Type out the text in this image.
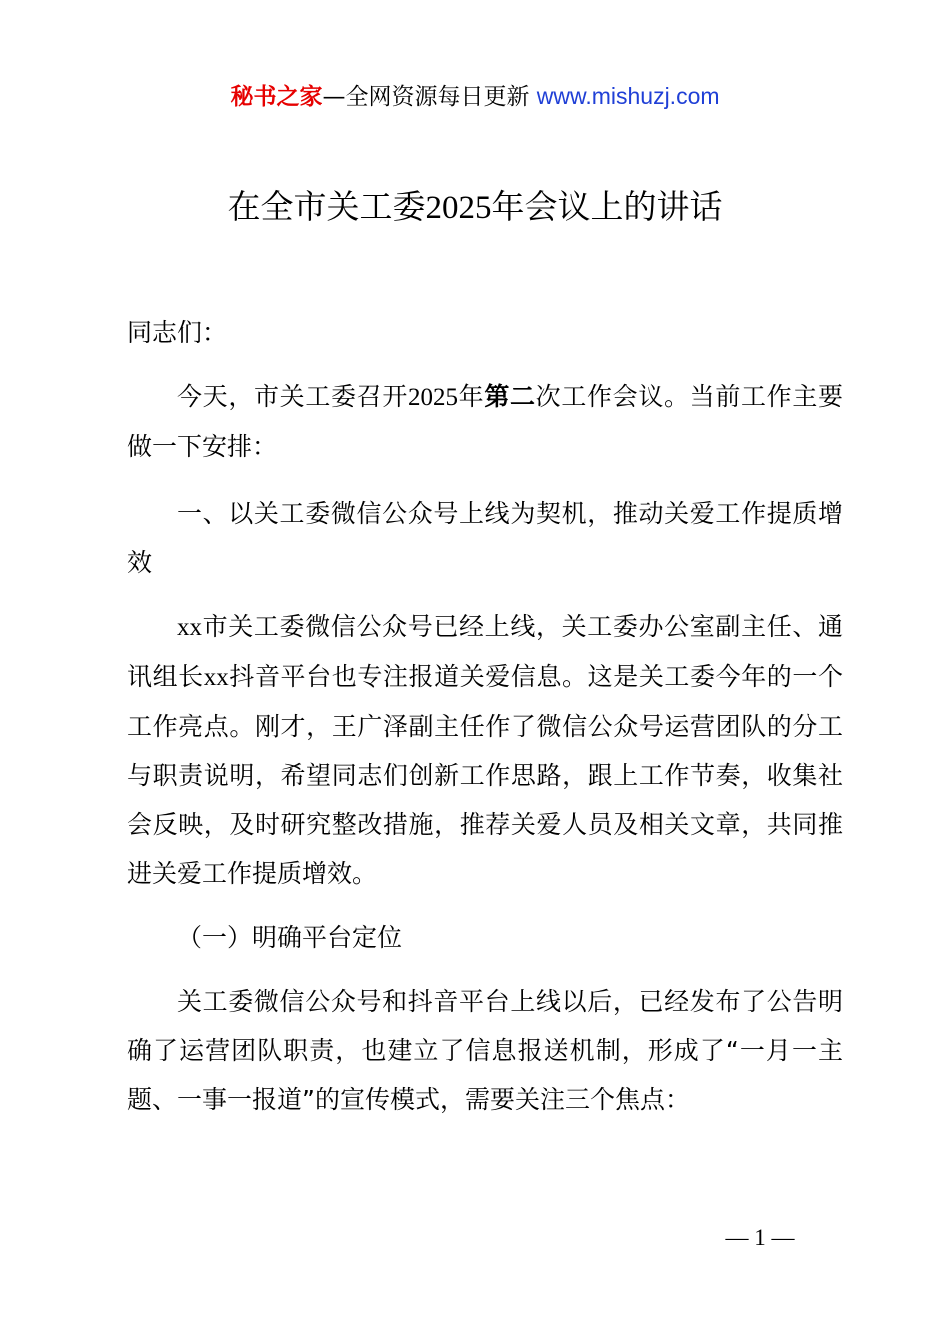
秘书之家—全网资源每日更新 www.mishuzj.com
在全市关工委2025年会议上的讲话

同志们：

今天，市关工委召开2025年第二次工作会议。当前工作主要做一下安排：

一、以关工委微信公众号上线为契机，推动关爱工作提质增效

xx市关工委微信公众号已经上线，关工委办公室副主任、通讯组长xx抖音平台也专注报道关爱信息。这是关工委今年的一个工作亮点。刚才，王广泽副主任作了微信公众号运营团队的分工与职责说明，希望同志们创新工作思路，跟上工作节奏，收集社会反映，及时研究整改措施，推荐关爱人员及相关文章，共同推进关爱工作提质增效。

（一）明确平台定位

关工委微信公众号和抖音平台上线以后，已经发布了公告明确了运营团队职责，也建立了信息报送机制，形成了“一月一主题、一事一报道”的宣传模式，需要关注三个焦点：

— 1 —
